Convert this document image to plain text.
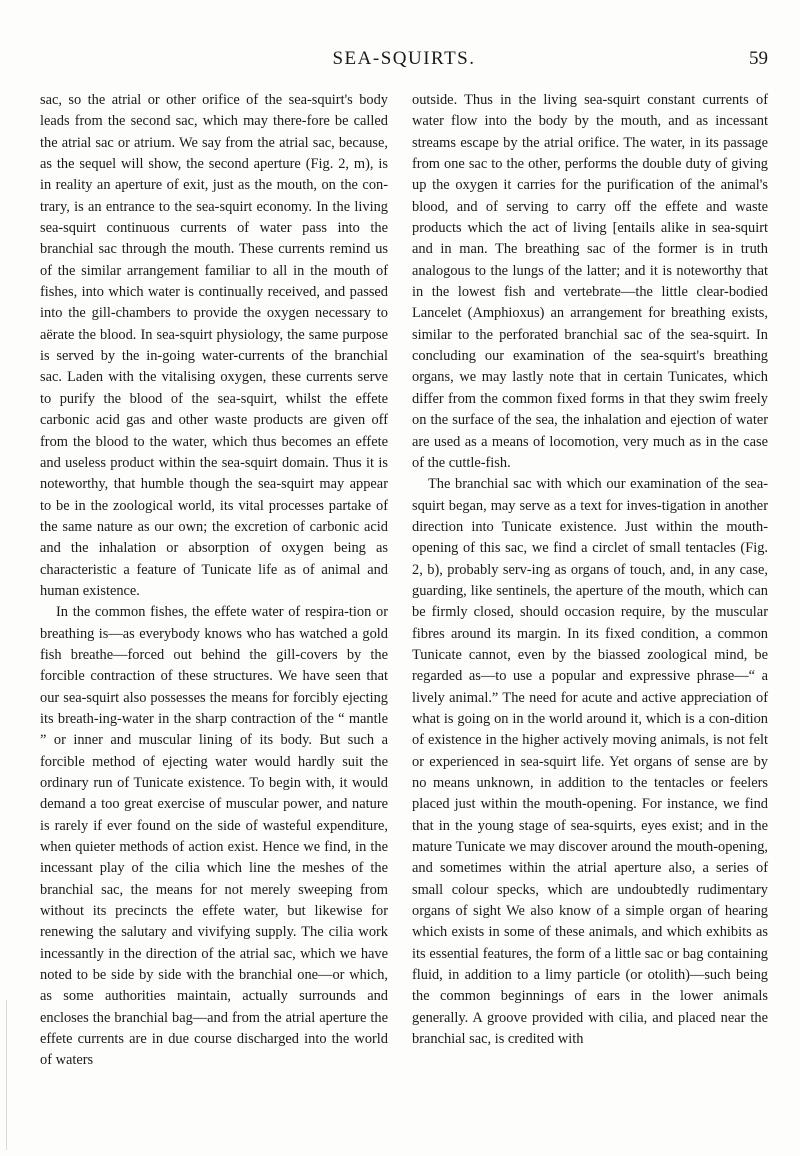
SEA-SQUIRTS.	59

sac, so the atrial or other orifice of the sea-squirt's body leads from the second sac, which may there-fore be called the atrial sac or atrium. We say from the atrial sac, because, as the sequel will show, the second aperture (Fig. 2, m), is in reality an aperture of exit, just as the mouth, on the con-trary, is an entrance to the sea-squirt economy. In the living sea-squirt continuous currents of water pass into the branchial sac through the mouth. These currents remind us of the similar arrangement familiar to all in the mouth of fishes, into which water is continually received, and passed into the gill-chambers to provide the oxygen necessary to aërate the blood. In sea-squirt physiology, the same purpose is served by the in-going water-currents of the branchial sac. Laden with the vitalising oxygen, these currents serve to purify the blood of the sea-squirt, whilst the effete carbonic acid gas and other waste products are given off from the blood to the water, which thus becomes an effete and useless product within the sea-squirt domain. Thus it is noteworthy, that humble though the sea-squirt may appear to be in the zoological world, its vital processes partake of the same nature as our own; the excretion of carbonic acid and the inhalation or absorption of oxygen being as characteristic a feature of Tunicate life as of animal and human existence.

In the common fishes, the effete water of respira-tion or breathing is—as everybody knows who has watched a gold fish breathe—forced out behind the gill-covers by the forcible contraction of these structures. We have seen that our sea-squirt also possesses the means for forcibly ejecting its breath-ing-water in the sharp contraction of the “ mantle ” or inner and muscular lining of its body. But such a forcible method of ejecting water would hardly suit the ordinary run of Tunicate existence. To begin with, it would demand a too great exercise of muscular power, and nature is rarely if ever found on the side of wasteful expenditure, when quieter methods of action exist. Hence we find, in the incessant play of the cilia which line the meshes of the branchial sac, the means for not merely sweeping from without its precincts the effete water, but likewise for renewing the salutary and vivifying supply. The cilia work incessantly in the direction of the atrial sac, which we have noted to be side by side with the branchial one—or which, as some authorities maintain, actually surrounds and encloses the branchial bag—and from the atrial aperture the effete currents are in due course discharged into the world of waters

outside. Thus in the living sea-squirt constant currents of water flow into the body by the mouth, and as incessant streams escape by the atrial orifice. The water, in its passage from one sac to the other, performs the double duty of giving up the oxygen it carries for the purification of the animal's blood, and of serving to carry off the effete and waste products which the act of living [entails alike in sea-squirt and in man. The breathing sac of the former is in truth analogous to the lungs of the latter; and it is noteworthy that in the lowest fish and vertebrate—the little clear-bodied Lancelet (Amphioxus) an arrangement for breathing exists, similar to the perforated branchial sac of the sea-squirt. In concluding our examination of the sea-squirt's breathing organs, we may lastly note that in certain Tunicates, which differ from the common fixed forms in that they swim freely on the surface of the sea, the inhalation and ejection of water are used as a means of locomotion, very much as in the case of the cuttle-fish.

The branchial sac with which our examination of the sea-squirt began, may serve as a text for inves-tigation in another direction into Tunicate existence. Just within the mouth-opening of this sac, we find a circlet of small tentacles (Fig. 2, b), probably serv-ing as organs of touch, and, in any case, guarding, like sentinels, the aperture of the mouth, which can be firmly closed, should occasion require, by the muscular fibres around its margin. In its fixed condition, a common Tunicate cannot, even by the biassed zoological mind, be regarded as—to use a popular and expressive phrase—“ a lively animal.” The need for acute and active appreciation of what is going on in the world around it, which is a con-dition of existence in the higher actively moving animals, is not felt or experienced in sea-squirt life. Yet organs of sense are by no means unknown, in addition to the tentacles or feelers placed just within the mouth-opening. For instance, we find that in the young stage of sea-squirts, eyes exist; and in the mature Tunicate we may discover around the mouth-opening, and sometimes within the atrial aperture also, a series of small colour specks, which are undoubtedly rudimentary organs of sight We also know of a simple organ of hearing which exists in some of these animals, and which exhibits as its essential features, the form of a little sac or bag containing fluid, in addition to a limy particle (or otolith)—such being the common beginnings of ears in the lower animals generally. A groove provided with cilia, and placed near the branchial sac, is credited with
